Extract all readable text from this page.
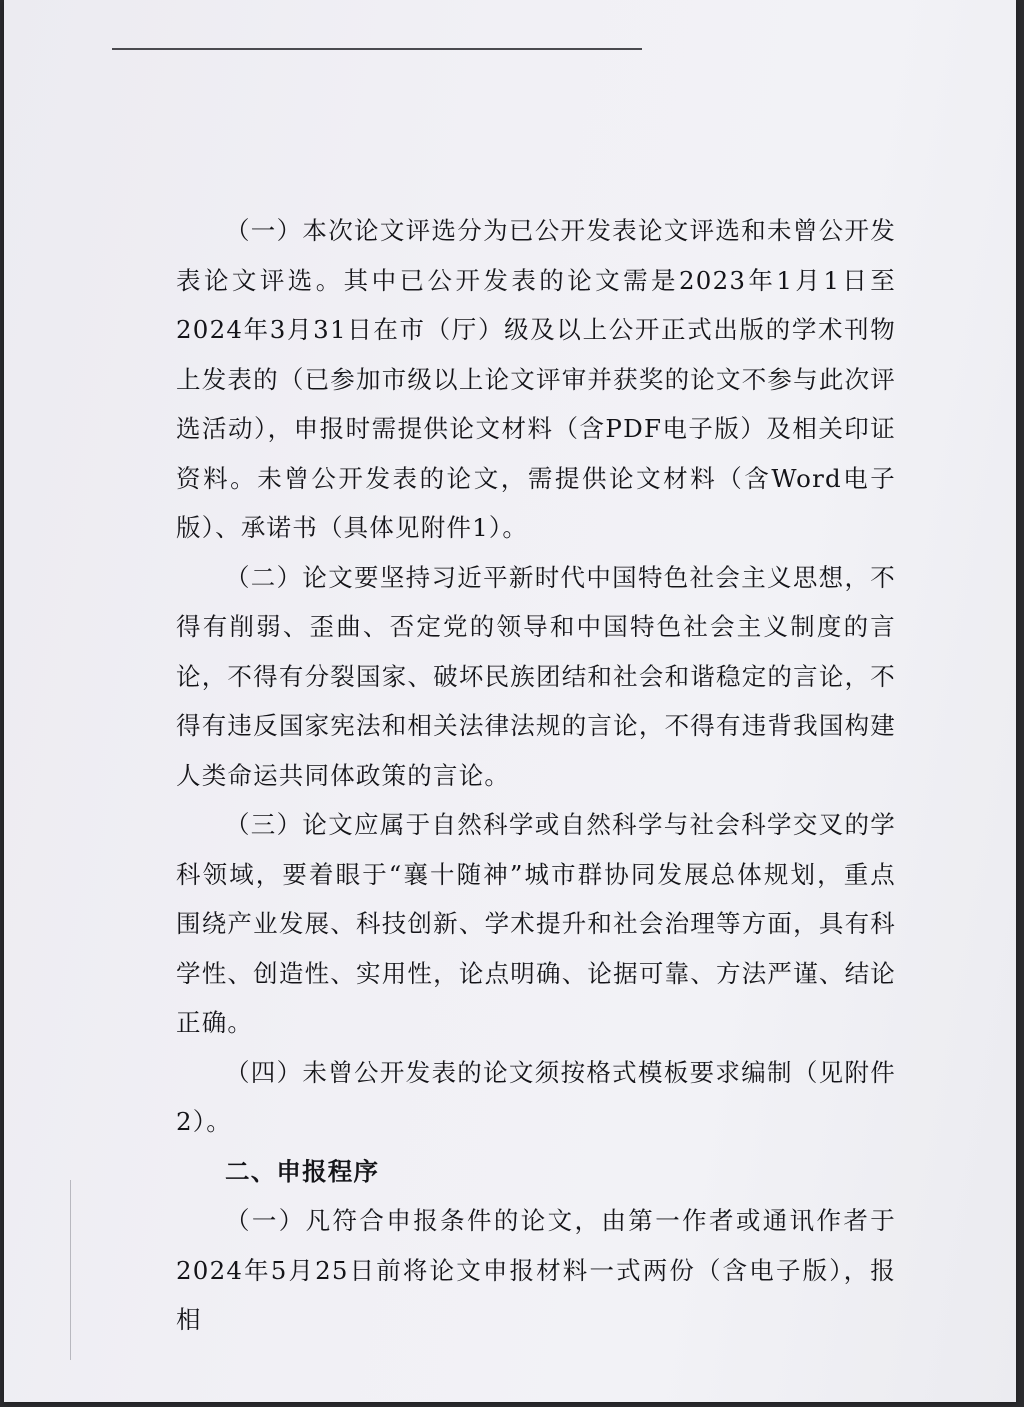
（一）本次论文评选分为已公开发表论文评选和未曾公开发表论文评选。其中已公开发表的论文需是2023年1月1日至2024年3月31日在市（厅）级及以上公开正式出版的学术刊物上发表的（已参加市级以上论文评审并获奖的论文不参与此次评选活动），申报时需提供论文材料（含PDF电子版）及相关印证资料。未曾公开发表的论文，需提供论文材料（含Word电子版）、承诺书（具体见附件1）。

（二）论文要坚持习近平新时代中国特色社会主义思想，不得有削弱、歪曲、否定党的领导和中国特色社会主义制度的言论，不得有分裂国家、破坏民族团结和社会和谐稳定的言论，不得有违反国家宪法和相关法律法规的言论，不得有违背我国构建人类命运共同体政策的言论。

（三）论文应属于自然科学或自然科学与社会科学交叉的学科领域，要着眼于“襄十随神”城市群协同发展总体规划，重点围绕产业发展、科技创新、学术提升和社会治理等方面，具有科学性、创造性、实用性，论点明确、论据可靠、方法严谨、结论正确。

（四）未曾公开发表的论文须按格式模板要求编制（见附件2）。

二、申报程序

（一）凡符合申报条件的论文，由第一作者或通讯作者于2024年5月25日前将论文申报材料一式两份（含电子版），报相
